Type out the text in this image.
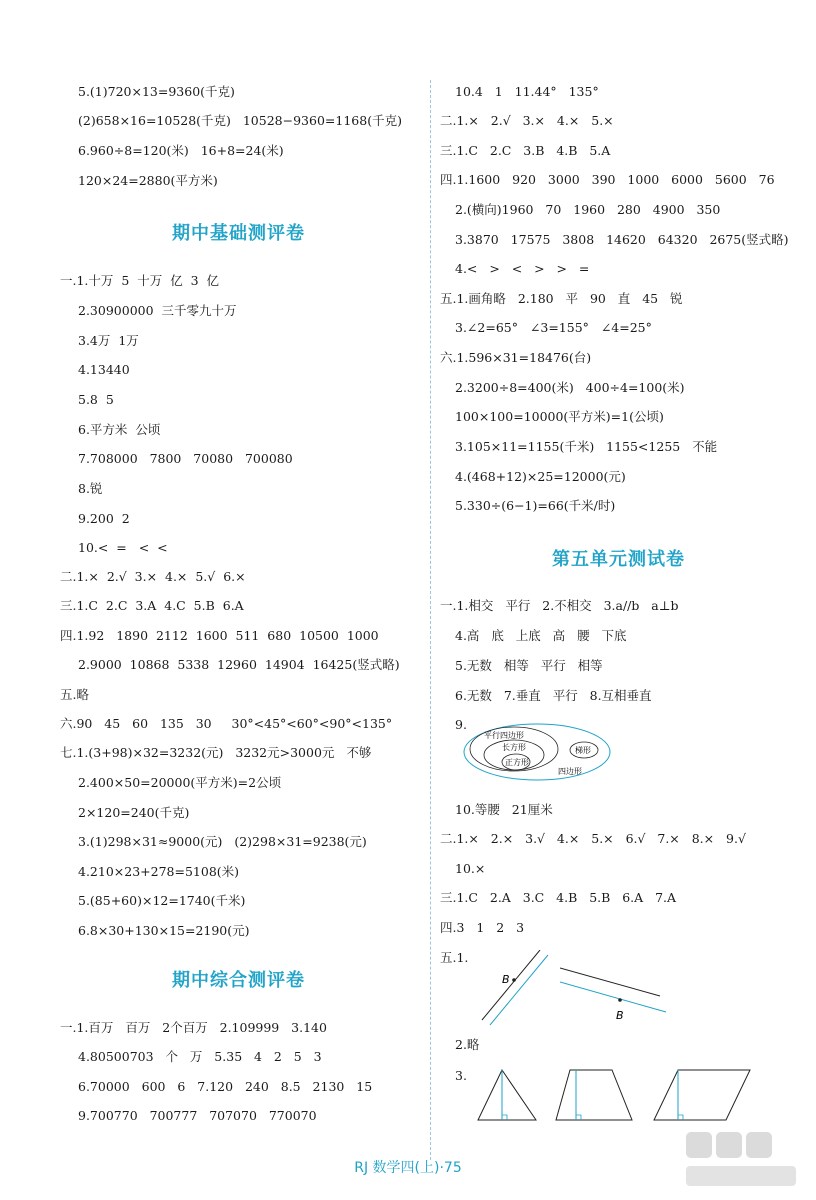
5.(1)720×13=9360(千克)
(2)658×16=10528(千克)   10528−9360=1168(千克)
6.960÷8=120(米)   16+8=24(米)
120×24=2880(平方米)
一.1.十万  5  十万  亿  3  亿
2.30900000  三千零九十万
3.4万  1万
4.13440
5.8  5
6.平方米  公顷
7.708000   7800   70080   700080
8.锐
9.200  2
10.<  =   <  <
二.1.×  2.√  3.×  4.×  5.√  6.×
三.1.C  2.C  3.A  4.C  5.B  6.A
四.1.92   1890  2112  1600  511  680  10500  1000
2.9000  10868  5338  12960  14904  16425(竖式略)
五.略
六.90   45   60   135   30     30°<45°<60°<90°<135°
七.1.(3+98)×32=3232(元)   3232元>3000元   不够
2.400×50=20000(平方米)=2公顷
2×120=240(千克)
3.(1)298×31≈9000(元)   (2)298×31=9238(元)
4.210×23+278=5108(米)
5.(85+60)×12=1740(千米)
6.8×30+130×15=2190(元)
一.1.百万   百万   2个百万   2.109999   3.140
4.80500703   个   万   5.35   4   2   5   3
6.70000   600   6   7.120   240   8.5   2130   15
9.700770   700777   707070   770070
10.4   1   11.44°   135°
二.1.×   2.√   3.×   4.×   5.×
三.1.C   2.C   3.B   4.B   5.A
四.1.1600   920   3000   390   1000   6000   5600   76
2.(横向)1960   70   1960   280   4900   350
3.3870   17575   3808   14620   64320   2675(竖式略)
4.<   >   <   >   >   =
五.1.画角略   2.180   平   90   直   45   锐
3.∠2=65°   ∠3=155°   ∠4=25°
六.1.596×31=18476(台)
2.3200÷8=400(米)   400÷4=100(米)
100×100=10000(平方米)=1(公顷)
3.105×11=1155(千米)   1155<1255   不能
4.(468+12)×25=12000(元)
5.330÷(6−1)=66(千米/时)
一.1.相交   平行   2.不相交   3.a//b   a⊥b
4.高   底   上底   高   腰   下底
5.无数   相等   平行   相等
6.无数   7.垂直   平行   8.互相垂直
9.
10.等腰   21厘米
二.1.×   2.×   3.√   4.×   5.×   6.√   7.×   8.×   9.√
10.×
三.1.C   2.A   3.C   4.B   5.B   6.A   7.A
四.3   1   2   3
五.1.
2.略
3.
期中基础测评卷
第五单元测试卷
期中综合测评卷
平行四边形
长方形
正方形
梯形
四边形
B
B
RJ 数学四(上)·75
